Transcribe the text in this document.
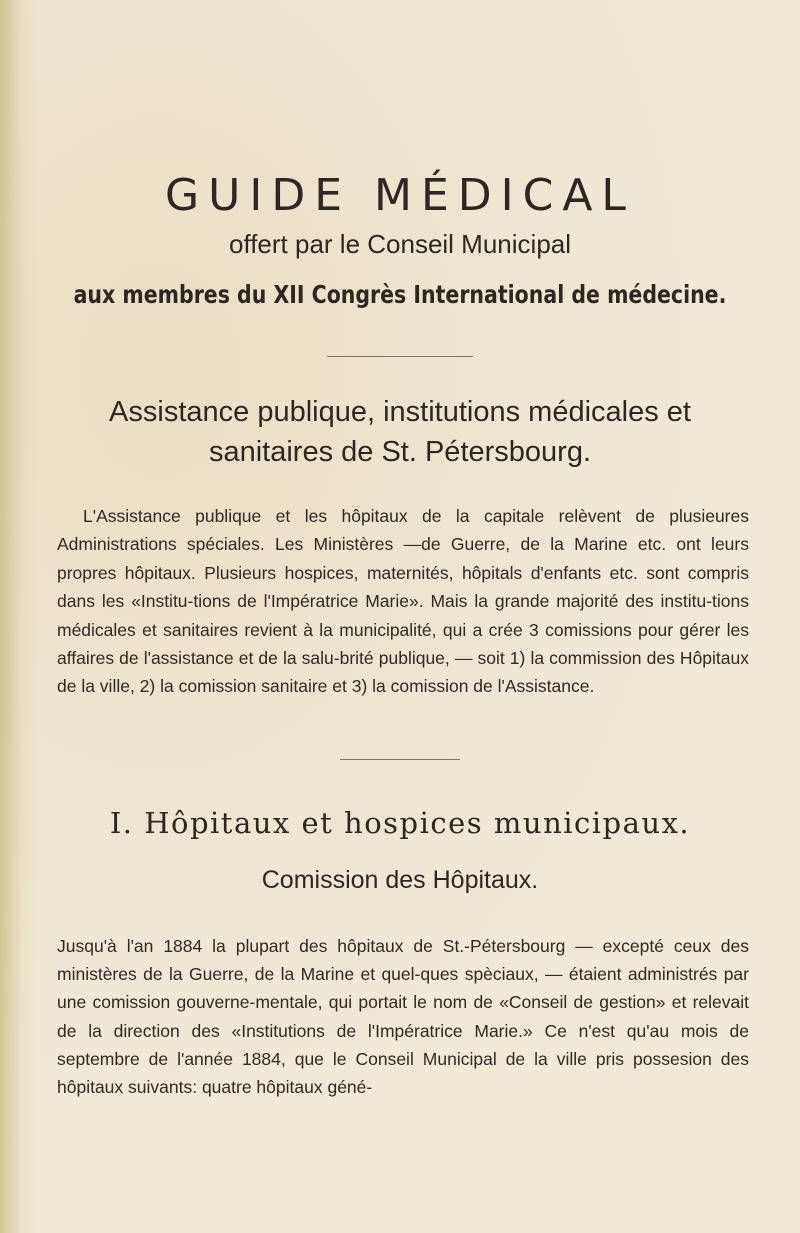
GUIDE MÉDICAL
offert par le Conseil Municipal
aux membres du XII Congrès International de médecine.
Assistance publique, institutions médicales et
sanitaires de St. Pétersbourg.
L'Assistance publique et les hôpitaux de la capitale relèvent de plusieures Administrations spéciales. Les Ministères —de Guerre, de la Marine etc. ont leurs propres hôpitaux. Plusieurs hospices, maternités, hôpitals d'enfants etc. sont compris dans les «Institu-tions de l'Impératrice Marie». Mais la grande majorité des institu-tions médicales et sanitaires revient à la municipalité, qui a crée 3 comissions pour gérer les affaires de l'assistance et de la salu-brité publique, — soit 1) la commission des Hôpitaux de la ville, 2) la comission sanitaire et 3) la comission de l'Assistance.
I. Hôpitaux et hospices municipaux.
Comission des Hôpitaux.
Jusqu'à l'an 1884 la plupart des hôpitaux de St.-Pétersbourg — excepté ceux des ministères de la Guerre, de la Marine et quel-ques spèciaux, — étaient administrés par une comission gouverne-mentale, qui portait le nom de «Conseil de gestion» et relevait de la direction des «Institutions de l'Impératrice Marie.» Ce n'est qu'au mois de septembre de l'année 1884, que le Conseil Municipal de la ville pris possesion des hôpitaux suivants: quatre hôpitaux géné-
